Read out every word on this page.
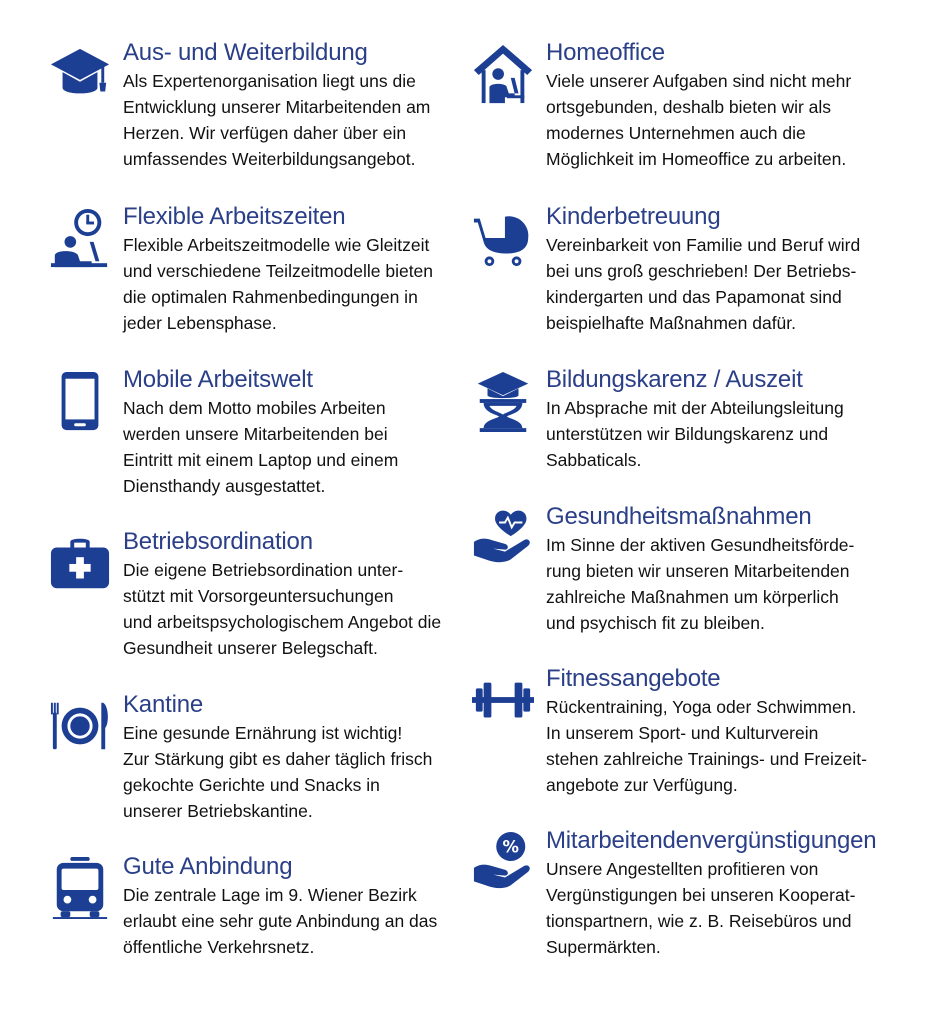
Aus- und Weiterbildung

Als Expertenorganisation liegt uns die
Entwicklung unserer Mitarbeitenden am
Herzen. Wir verfügen daher über ein
umfassendes Weiterbildungsangebot.

Homeoffice

Viele unserer Aufgaben sind nicht mehr
ortsgebunden, deshalb bieten wir als
modernes Unternehmen auch die
Möglichkeit im Homeoffice zu arbeiten.

Flexible Arbeitszeiten

Flexible Arbeitszeitmodelle wie Gleitzeit
und verschiedene Teilzeitmodelle bieten
die optimalen Rahmenbedingungen in
jeder Lebensphase.

Kinderbetreuung

Vereinbarkeit von Familie und Beruf wird
bei uns groß geschrieben! Der Betriebs-
kindergarten und das Papamonat sind
beispielhafte Maßnahmen dafür.

Mobile Arbeitswelt

Nach dem Motto mobiles Arbeiten
werden unsere Mitarbeitenden bei
Eintritt mit einem Laptop und einem
Diensthandy ausgestattet.

Bildungskarenz / Auszeit

In Absprache mit der Abteilungsleitung
unterstützen wir Bildungskarenz und
Sabbaticals.

Betriebsordination

Die eigene Betriebsordination unter-
stützt mit Vorsorgeuntersuchungen
und arbeitspsychologischem Angebot die
Gesundheit unserer Belegschaft.

Gesundheitsmaßnahmen

Im Sinne der aktiven Gesundheitsförde-
rung bieten wir unseren Mitarbeitenden
zahlreiche Maßnahmen um körperlich
und psychisch fit zu bleiben.

Kantine

Eine gesunde Ernährung ist wichtig!
Zur Stärkung gibt es daher täglich frisch
gekochte Gerichte und Snacks in
unserer Betriebskantine.

Fitnessangebote

Rückentraining, Yoga oder Schwimmen.
In unserem Sport- und Kulturverein
stehen zahlreiche Trainings- und Freizeit-
angebote zur Verfügung.

Gute Anbindung

Die zentrale Lage im 9. Wiener Bezirk
erlaubt eine sehr gute Anbindung an das
öffentliche Verkehrsnetz.

% Mitarbeitendenvergünstigungen

Unsere Angestellten profitieren von
Vergünstigungen bei unseren Kooperat-
tionspartnern, wie z. B. Reisebüros und
Supermärkten.
